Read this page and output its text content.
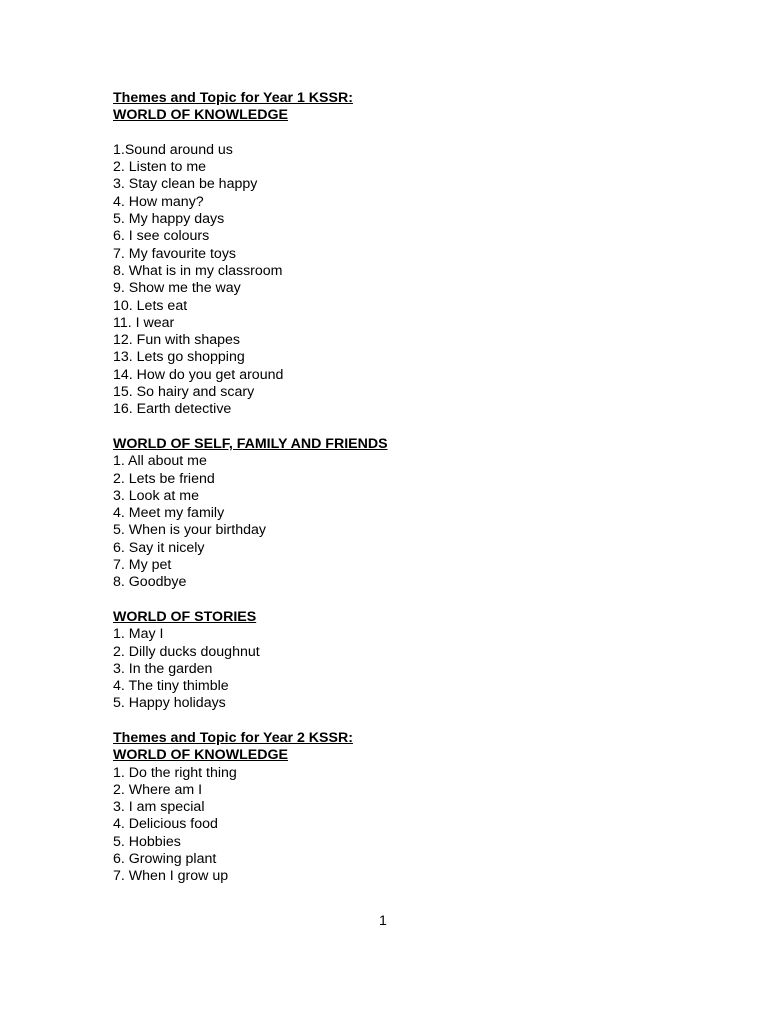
Themes and Topic for Year 1 KSSR:
WORLD OF KNOWLEDGE
1.Sound around us
2. Listen to me
3. Stay clean be happy
4. How many?
5. My happy days
6. I see colours
7. My favourite toys
8. What is in my classroom
9. Show me the way
10. Lets eat
11. I wear
12. Fun with shapes
13. Lets go shopping
14. How do you get around
15. So hairy and scary
16. Earth detective
WORLD OF SELF, FAMILY AND FRIENDS
1. All about me
2. Lets be friend
3. Look at me
4. Meet my family
5. When is your birthday
6. Say it nicely
7. My pet
8. Goodbye
WORLD OF STORIES
1. May I
2. Dilly ducks doughnut
3. In the garden
4. The tiny thimble
5. Happy holidays
Themes and Topic for Year 2 KSSR:
WORLD OF KNOWLEDGE
1. Do the right thing
2. Where am I
3. I am special
4. Delicious food
5. Hobbies
6. Growing plant
7. When I grow up
1
